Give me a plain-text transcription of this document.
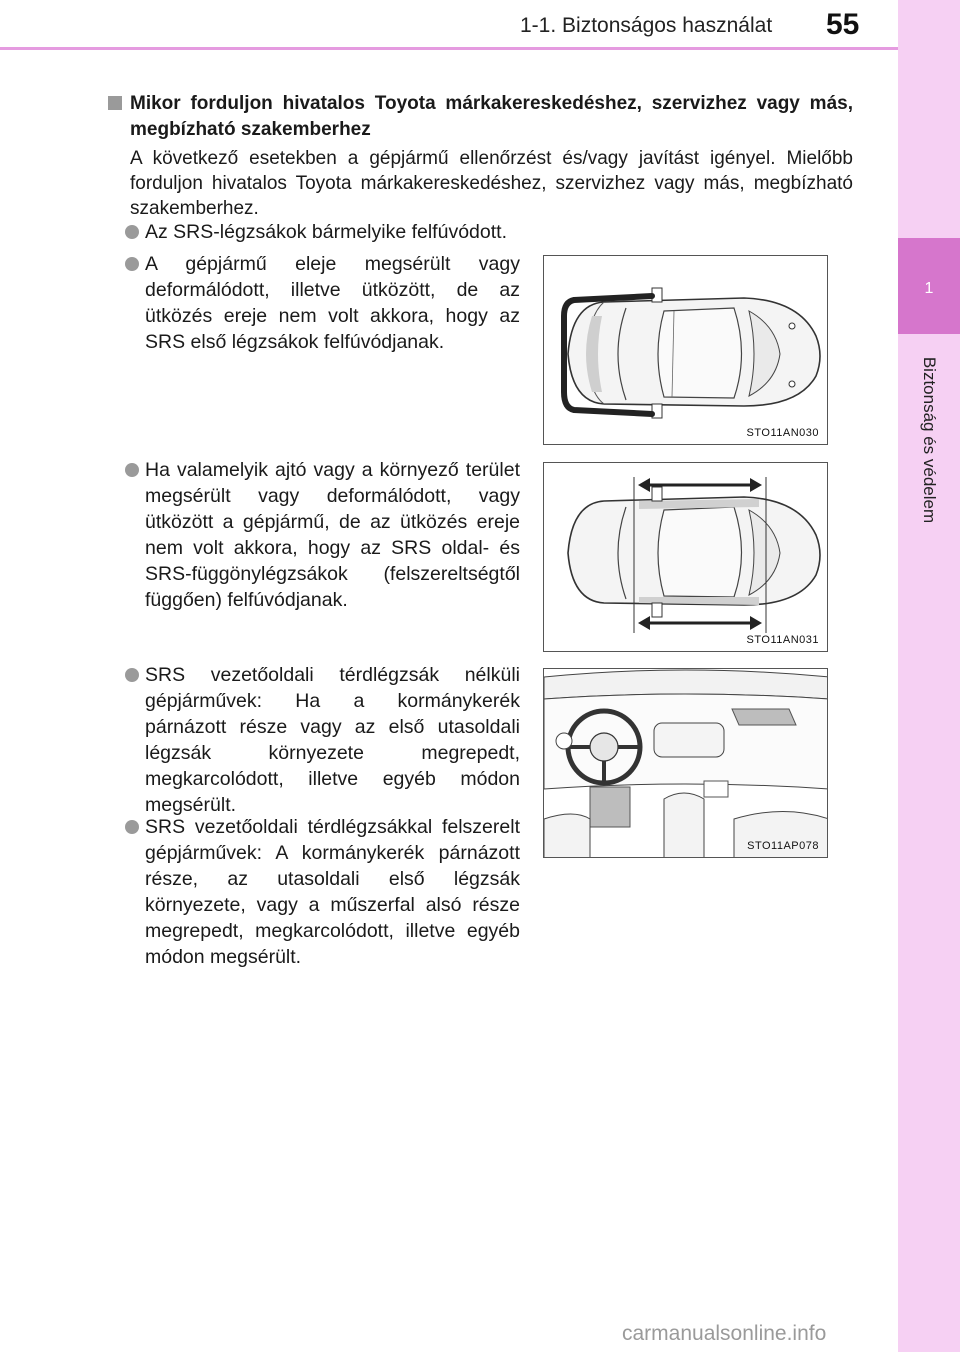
1-1. Biztonságos használat 55
1
Biztonság és védelem
Mikor forduljon hivatalos Toyota márkakereskedéshez, szervizhez vagy más, megbízható szakemberhez
A következő esetekben a gépjármű ellenőrzést és/vagy javítást igényel. Mielőbb forduljon hivatalos Toyota márkakereskedéshez, szervizhez vagy más, megbízható szakemberhez.
Az SRS-légzsákok bármelyike felfúvódott.
A gépjármű eleje megsérült vagy deformálódott, illetve ütközött, de az ütközés ereje nem volt akkora, hogy az SRS első légzsákok felfúvódjanak.
Ha valamelyik ajtó vagy a környező terület megsérült vagy deformálódott, vagy ütközött a gépjármű, de az ütközés ereje nem volt akkora, hogy az SRS oldal- és SRS-függönylégzsákok (felszereltségtől függően) felfúvódjanak.
SRS vezetőoldali térdlégzsák nélküli gépjárművek: Ha a kormánykerék párnázott része vagy az első utasoldali légzsák környezete megrepedt, megkarcolódott, illetve egyéb módon megsérült.
SRS vezetőoldali térdlégzsákkal felszerelt gépjárművek: A kormánykerék párnázott része, az utasoldali első légzsák környezete, vagy a műszerfal alsó része megrepedt, megkarcolódott, illetve egyéb módon megsérült.
STO11AN030
STO11AN031
STO11AP078
carmanualsonline.info
